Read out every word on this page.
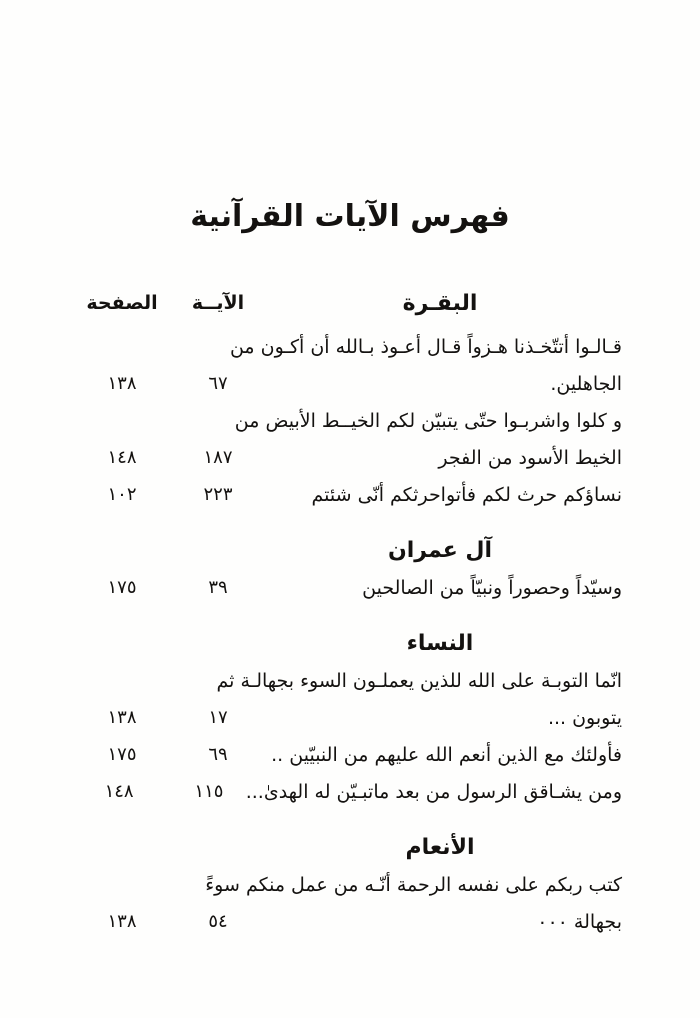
فهرس الآيات القرآنية
الصفحة	الآيــة	البقـرة
قـالـوا أتتّخـذنا هـزواً قـال أعـوذ بـالله أن أكـون من
١٣٨	٦٧	الجاهلين.
و كلوا واشربـوا حتّى يتبيّن لكم الخيــط الأبيض من
١٤٨	١٨٧	الخيط الأسود من الفجر
١٠٢	٢٢٣	نساؤكم حرث لكم فأتواحرثكم أنّى شئتم
آل عمران
١٧٥	٣٩	وسيّداً وحصوراً ونبيّاً من الصالحين
النساء
انّما التوبـة على الله للذين يعملـون السوء بجهالـة ثم
١٣٨	١٧	يتوبون ...
١٧٥	٦٩	فأولئك مع الذين أنعم الله عليهم من النبيّين ..
١٤٨	١١٥	ومن يشـاقق الرسول من بعد ماتبـيّن له الهدىٰ...
الأنعام
كتب ربكم على نفسه الرحمة أنّـه من عمل منكم سوءً
١٣٨	٥٤	بجهالة ٠٠٠
